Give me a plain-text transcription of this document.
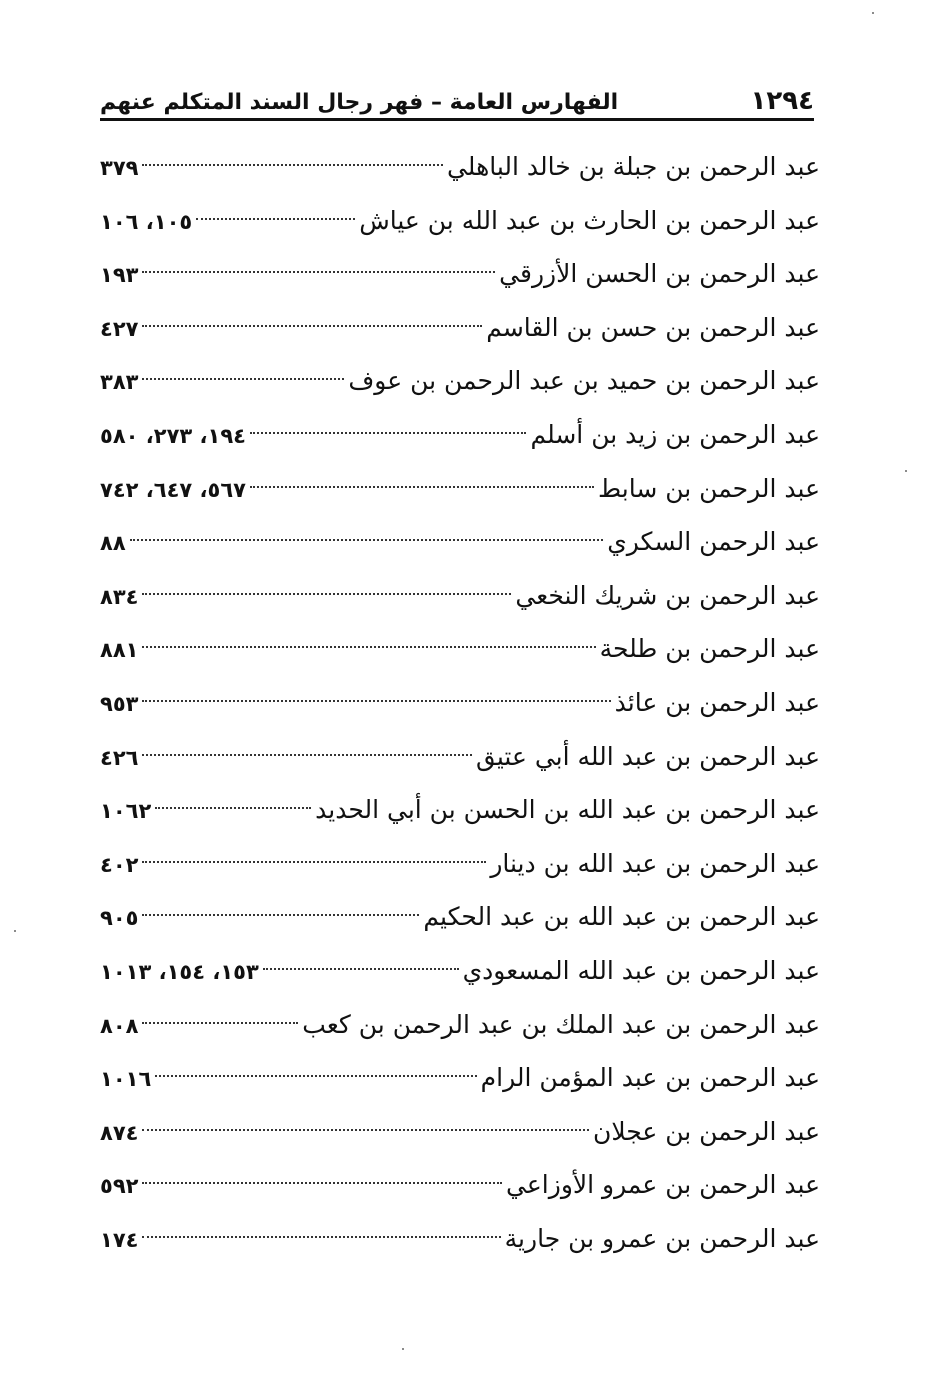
١٢٩٤
الفهارس العامة – فهر رجال السند المتكلم عنهم
عبد الرحمن بن جبلة بن خالد الباهلي
٣٧٩
عبد الرحمن بن الحارث بن عبد الله بن عياش
١٠٥، ١٠٦
عبد الرحمن بن الحسن الأزرقي
١٩٣
عبد الرحمن بن حسن بن القاسم
٤٢٧
عبد الرحمن بن حميد بن عبد الرحمن بن عوف
٣٨٣
عبد الرحمن بن زيد بن أسلم
١٩٤، ٢٧٣، ٥٨٠
عبد الرحمن بن سابط
٥٦٧، ٦٤٧، ٧٤٢
عبد الرحمن السكري
٨٨
عبد الرحمن بن شريك النخعي
٨٣٤
عبد الرحمن بن طلحة
٨٨١
عبد الرحمن بن عائذ
٩٥٣
عبد الرحمن بن عبد الله أبي عتيق
٤٢٦
عبد الرحمن بن عبد الله بن الحسن بن أبي الحديد
١٠٦٢
عبد الرحمن بن عبد الله بن دينار
٤٠٢
عبد الرحمن بن عبد الله بن عبد الحكيم
٩٠٥
عبد الرحمن بن عبد الله المسعودي
١٥٣، ١٥٤، ١٠١٣
عبد الرحمن بن عبد الملك بن عبد الرحمن بن كعب
٨٠٨
عبد الرحمن بن عبد المؤمن الرام
١٠١٦
عبد الرحمن بن عجلان
٨٧٤
عبد الرحمن بن عمرو الأوزاعي
٥٩٢
عبد الرحمن بن عمرو بن جارية
١٧٤
